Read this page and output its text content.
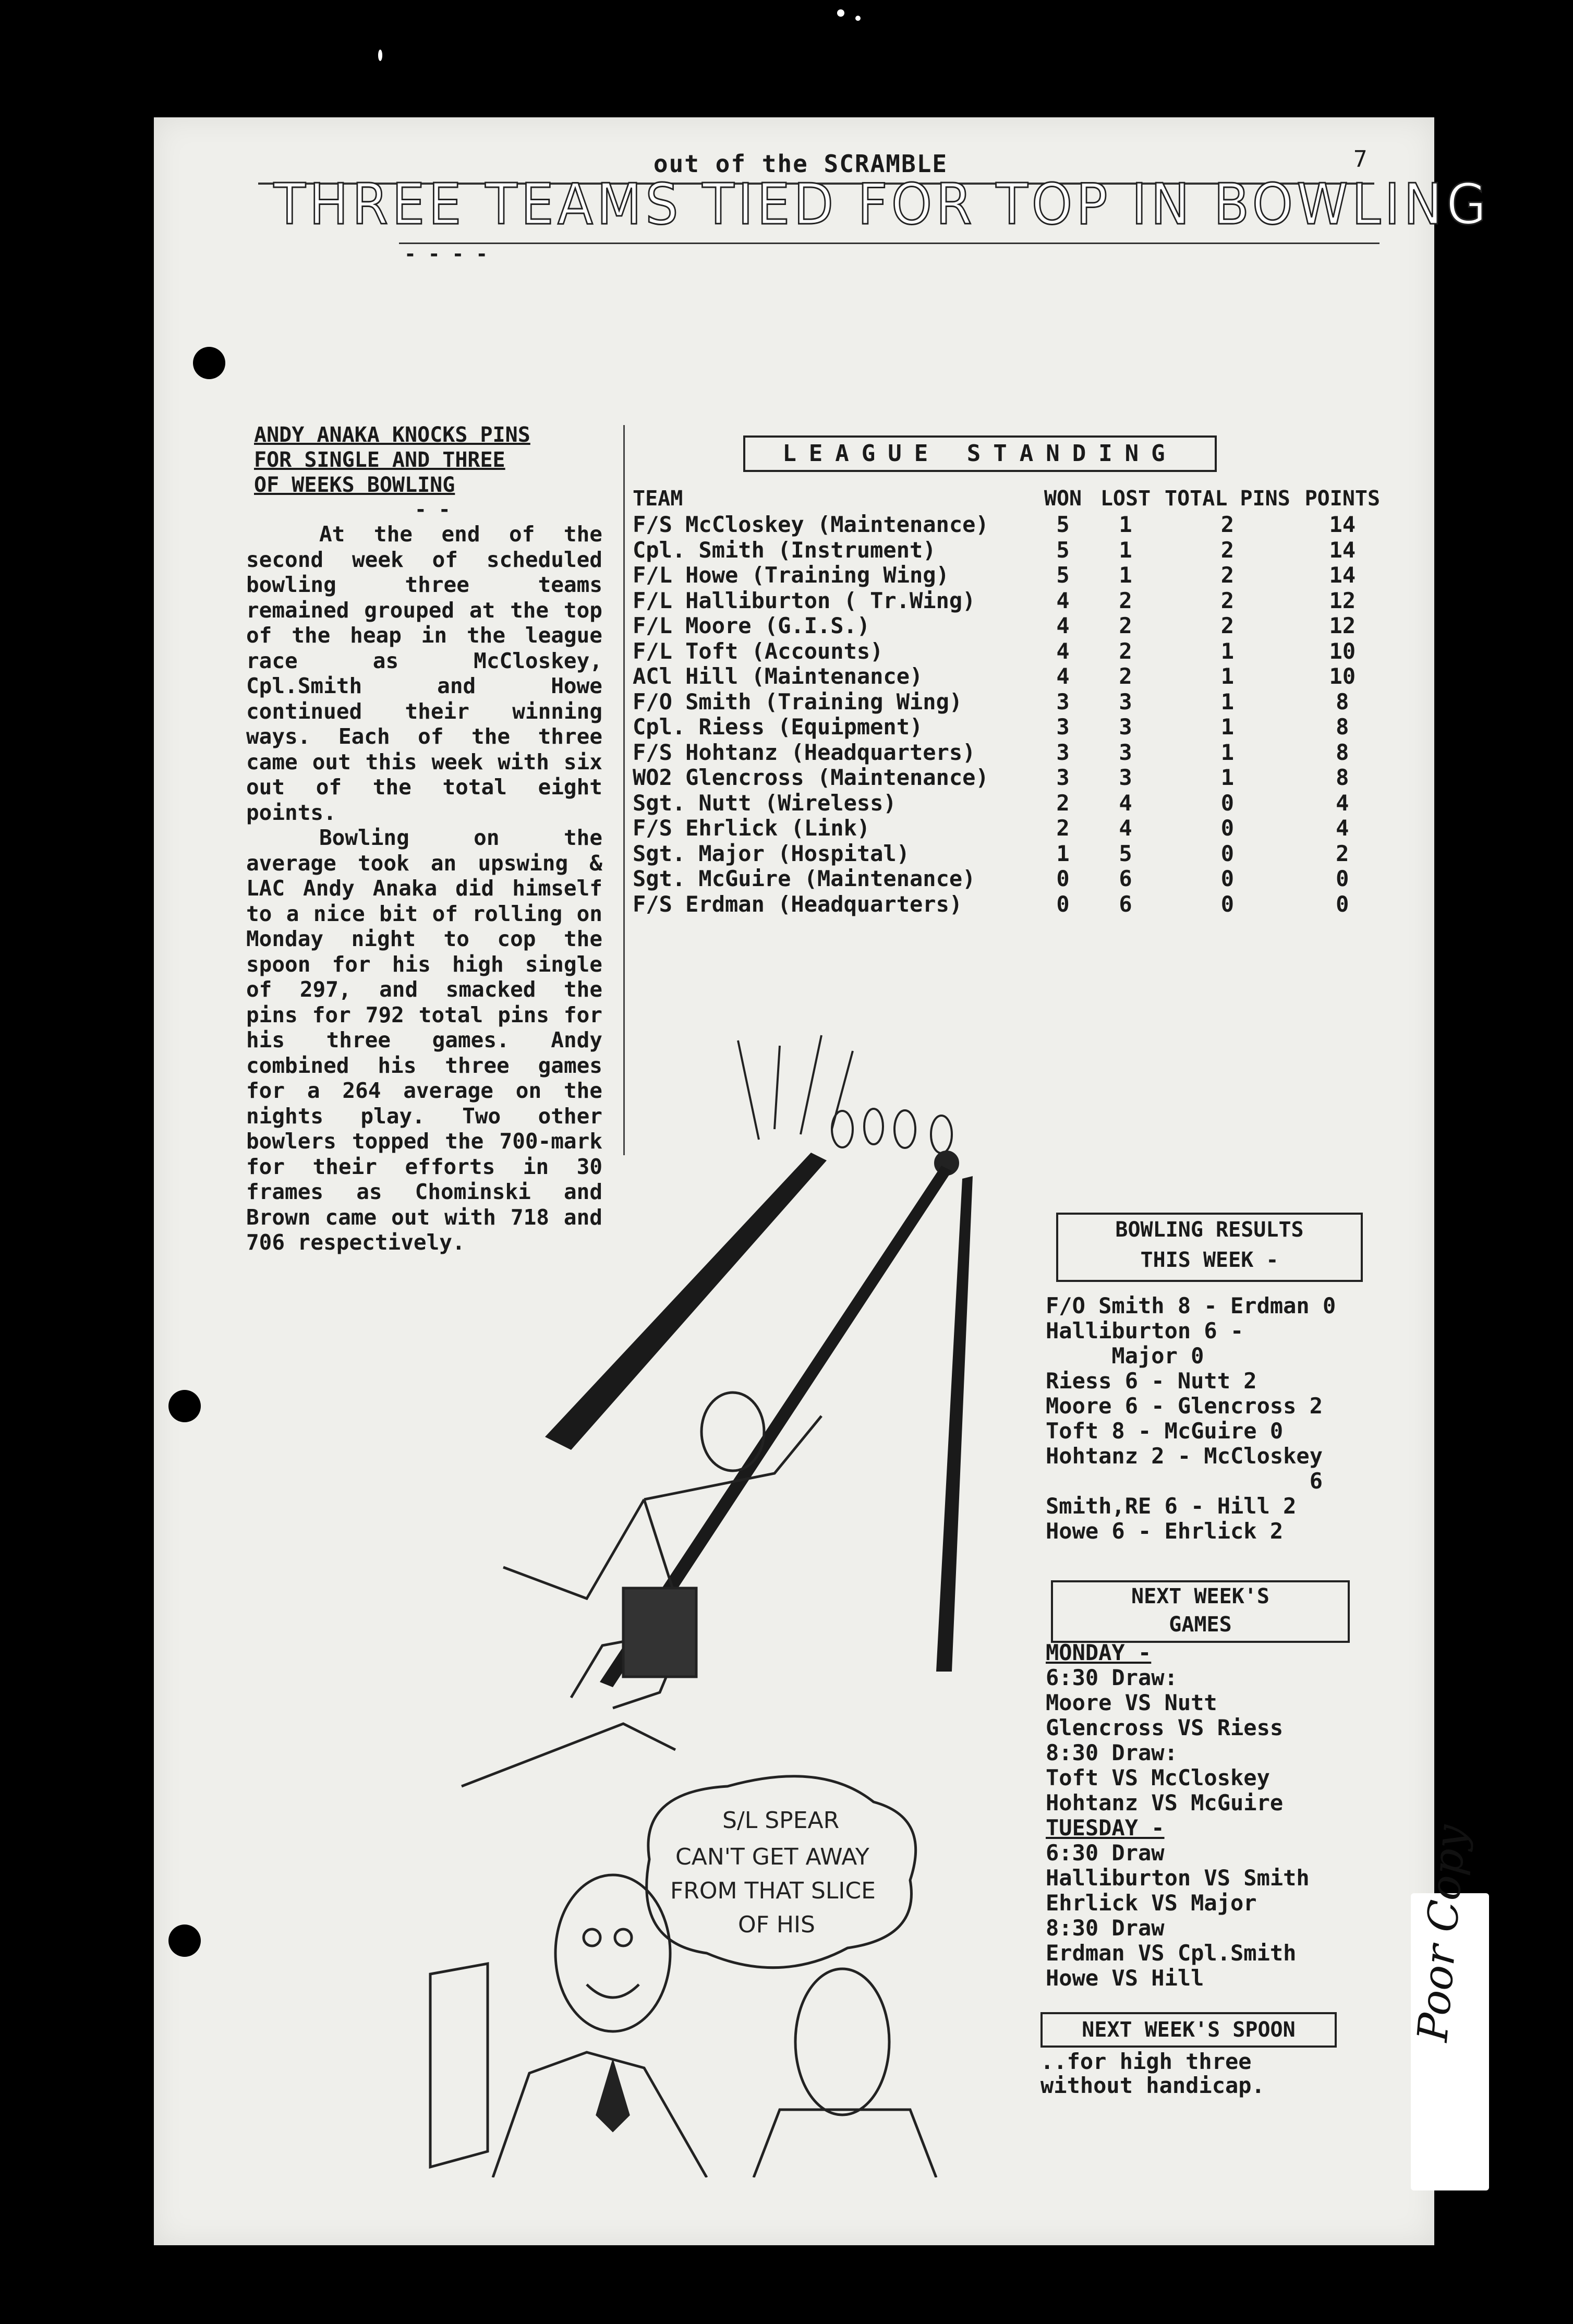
out of the SCRAMBLE	7
THREE TEAMS TIED FOR TOP IN BOWLING
- - - -
ANDY ANAKA KNOCKS PINS
FOR SINGLE AND THREE
OF WEEKS BOWLING
- -

At the end of the second week of scheduled bowling three teams remained grouped at the top of the heap in the league race as McCloskey, Cpl.Smith and Howe continued their winning ways. Each of the three came out this week with six out of the total eight points.

Bowling on the average took an upswing & LAC Andy Anaka did himself to a nice bit of rolling on Monday night to cop the spoon for his high single of 297, and smacked the pins for 792 total pins for his three games. Andy combined his three games for a 264 average on the nights play. Two other bowlers topped the 700-mark for their efforts in 30 frames as Chominski and Brown came out with 718 and 706 respectively.

LEAGUE STANDING
TEAM	WON	LOST	TOTAL PINS	POINTS
F/S McCloskey (Maintenance)	5	1	2	14
Cpl. Smith (Instrument)	5	1	2	14
F/L Howe (Training Wing)	5	1	2	14
F/L Halliburton ( Tr.Wing)	4	2	2	12
F/L Moore (G.I.S.)	4	2	2	12
F/L Toft (Accounts)	4	2	1	10
ACl Hill (Maintenance)	4	2	1	10
F/O Smith (Training Wing)	3	3	1	8
Cpl. Riess (Equipment)	3	3	1	8
F/S Hohtanz (Headquarters)	3	3	1	8
WO2 Glencross (Maintenance)	3	3	1	8
Sgt. Nutt (Wireless)	2	4	0	4
F/S Ehrlick (Link)	2	4	0	4
Sgt. Major (Hospital)	1	5	0	2
Sgt. McGuire (Maintenance)	0	6	0	0
F/S Erdman (Headquarters)	0	6	0	0
S/L SPEAR
CAN'T GET AWAY
FROM THAT SLICE
OF HIS
BOWLING RESULTS
THIS WEEK -
F/O Smith 8 - Erdman 0
Halliburton 6 -
Major 0
Riess 6 - Nutt 2
Moore 6 - Glencross 2
Toft 8 - McGuire 0
Hohtanz 2 - McCloskey
6
Smith,RE 6 - Hill 2
Howe 6 - Ehrlick 2
NEXT WEEK'S
GAMES
MONDAY -
6:30 Draw:
Moore VS Nutt
Glencross VS Riess
8:30 Draw:
Toft VS McCloskey
Hohtanz VS McGuire
TUESDAY -
6:30 Draw
Halliburton VS Smith
Ehrlick VS Major
8:30 Draw
Erdman VS Cpl.Smith
Howe VS Hill
NEXT WEEK'S SPOON
..for high three
without handicap.
Poor Copy
